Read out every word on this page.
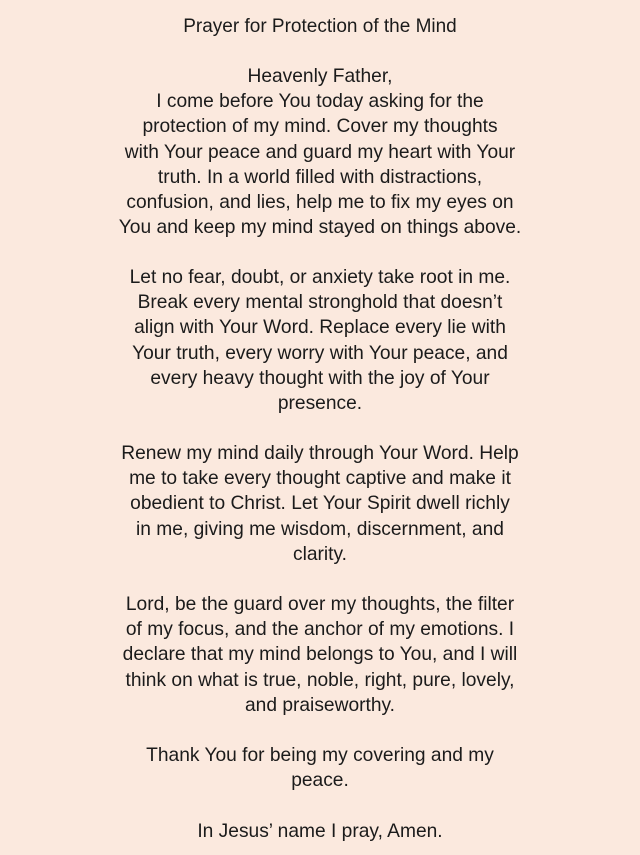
Prayer for Protection of the Mind
Heavenly Father,
I come before You today asking for the
protection of my mind. Cover my thoughts
with Your peace and guard my heart with Your
truth. In a world filled with distractions,
confusion, and lies, help me to fix my eyes on
You and keep my mind stayed on things above.
Let no fear, doubt, or anxiety take root in me.
Break every mental stronghold that doesn’t
align with Your Word. Replace every lie with
Your truth, every worry with Your peace, and
every heavy thought with the joy of Your
presence.
Renew my mind daily through Your Word. Help
me to take every thought captive and make it
obedient to Christ. Let Your Spirit dwell richly
in me, giving me wisdom, discernment, and
clarity.
Lord, be the guard over my thoughts, the filter
of my focus, and the anchor of my emotions. I
declare that my mind belongs to You, and I will
think on what is true, noble, right, pure, lovely,
and praiseworthy.
Thank You for being my covering and my
peace.
In Jesus’ name I pray, Amen.
